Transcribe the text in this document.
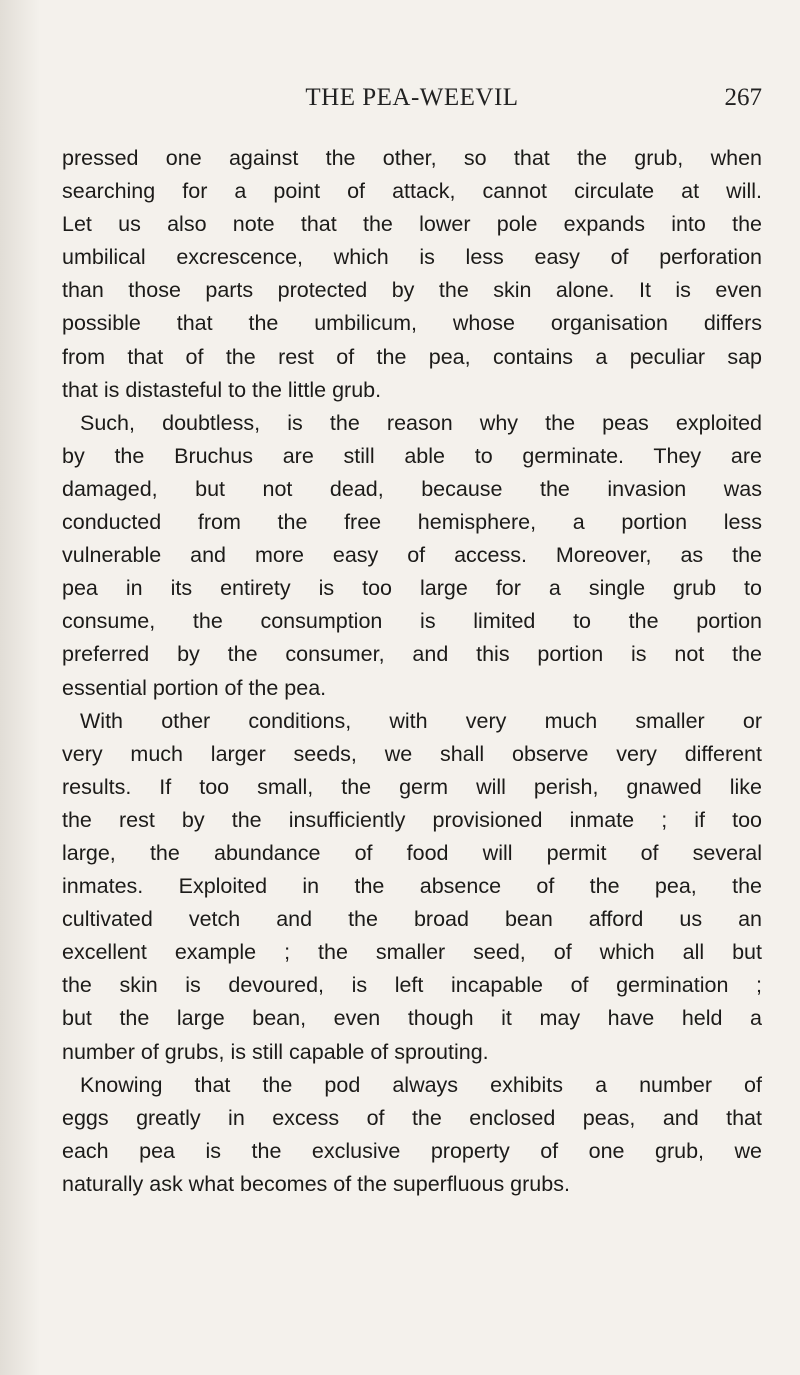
THE PEA-WEEVIL	267
pressed one against the other, so that the grub, when
searching for a point of attack, cannot circulate at will.
Let us also note that the lower pole expands into the
umbilical excrescence, which is less easy of perforation
than those parts protected by the skin alone. It is even
possible that the umbilicum, whose organisation differs
from that of the rest of the pea, contains a peculiar sap
that is distasteful to the little grub.
Such, doubtless, is the reason why the peas exploited
by the Bruchus are still able to germinate. They are
damaged, but not dead, because the invasion was
conducted from the free hemisphere, a portion less
vulnerable and more easy of access. Moreover, as the
pea in its entirety is too large for a single grub to
consume, the consumption is limited to the portion
preferred by the consumer, and this portion is not the
essential portion of the pea.
With other conditions, with very much smaller or
very much larger seeds, we shall observe very different
results. If too small, the germ will perish, gnawed like
the rest by the insufficiently provisioned inmate ; if too
large, the abundance of food will permit of several
inmates. Exploited in the absence of the pea, the
cultivated vetch and the broad bean afford us an
excellent example ; the smaller seed, of which all but
the skin is devoured, is left incapable of germination ;
but the large bean, even though it may have held a
number of grubs, is still capable of sprouting.
Knowing that the pod always exhibits a number of
eggs greatly in excess of the enclosed peas, and that
each pea is the exclusive property of one grub, we
naturally ask what becomes of the superfluous grubs.
